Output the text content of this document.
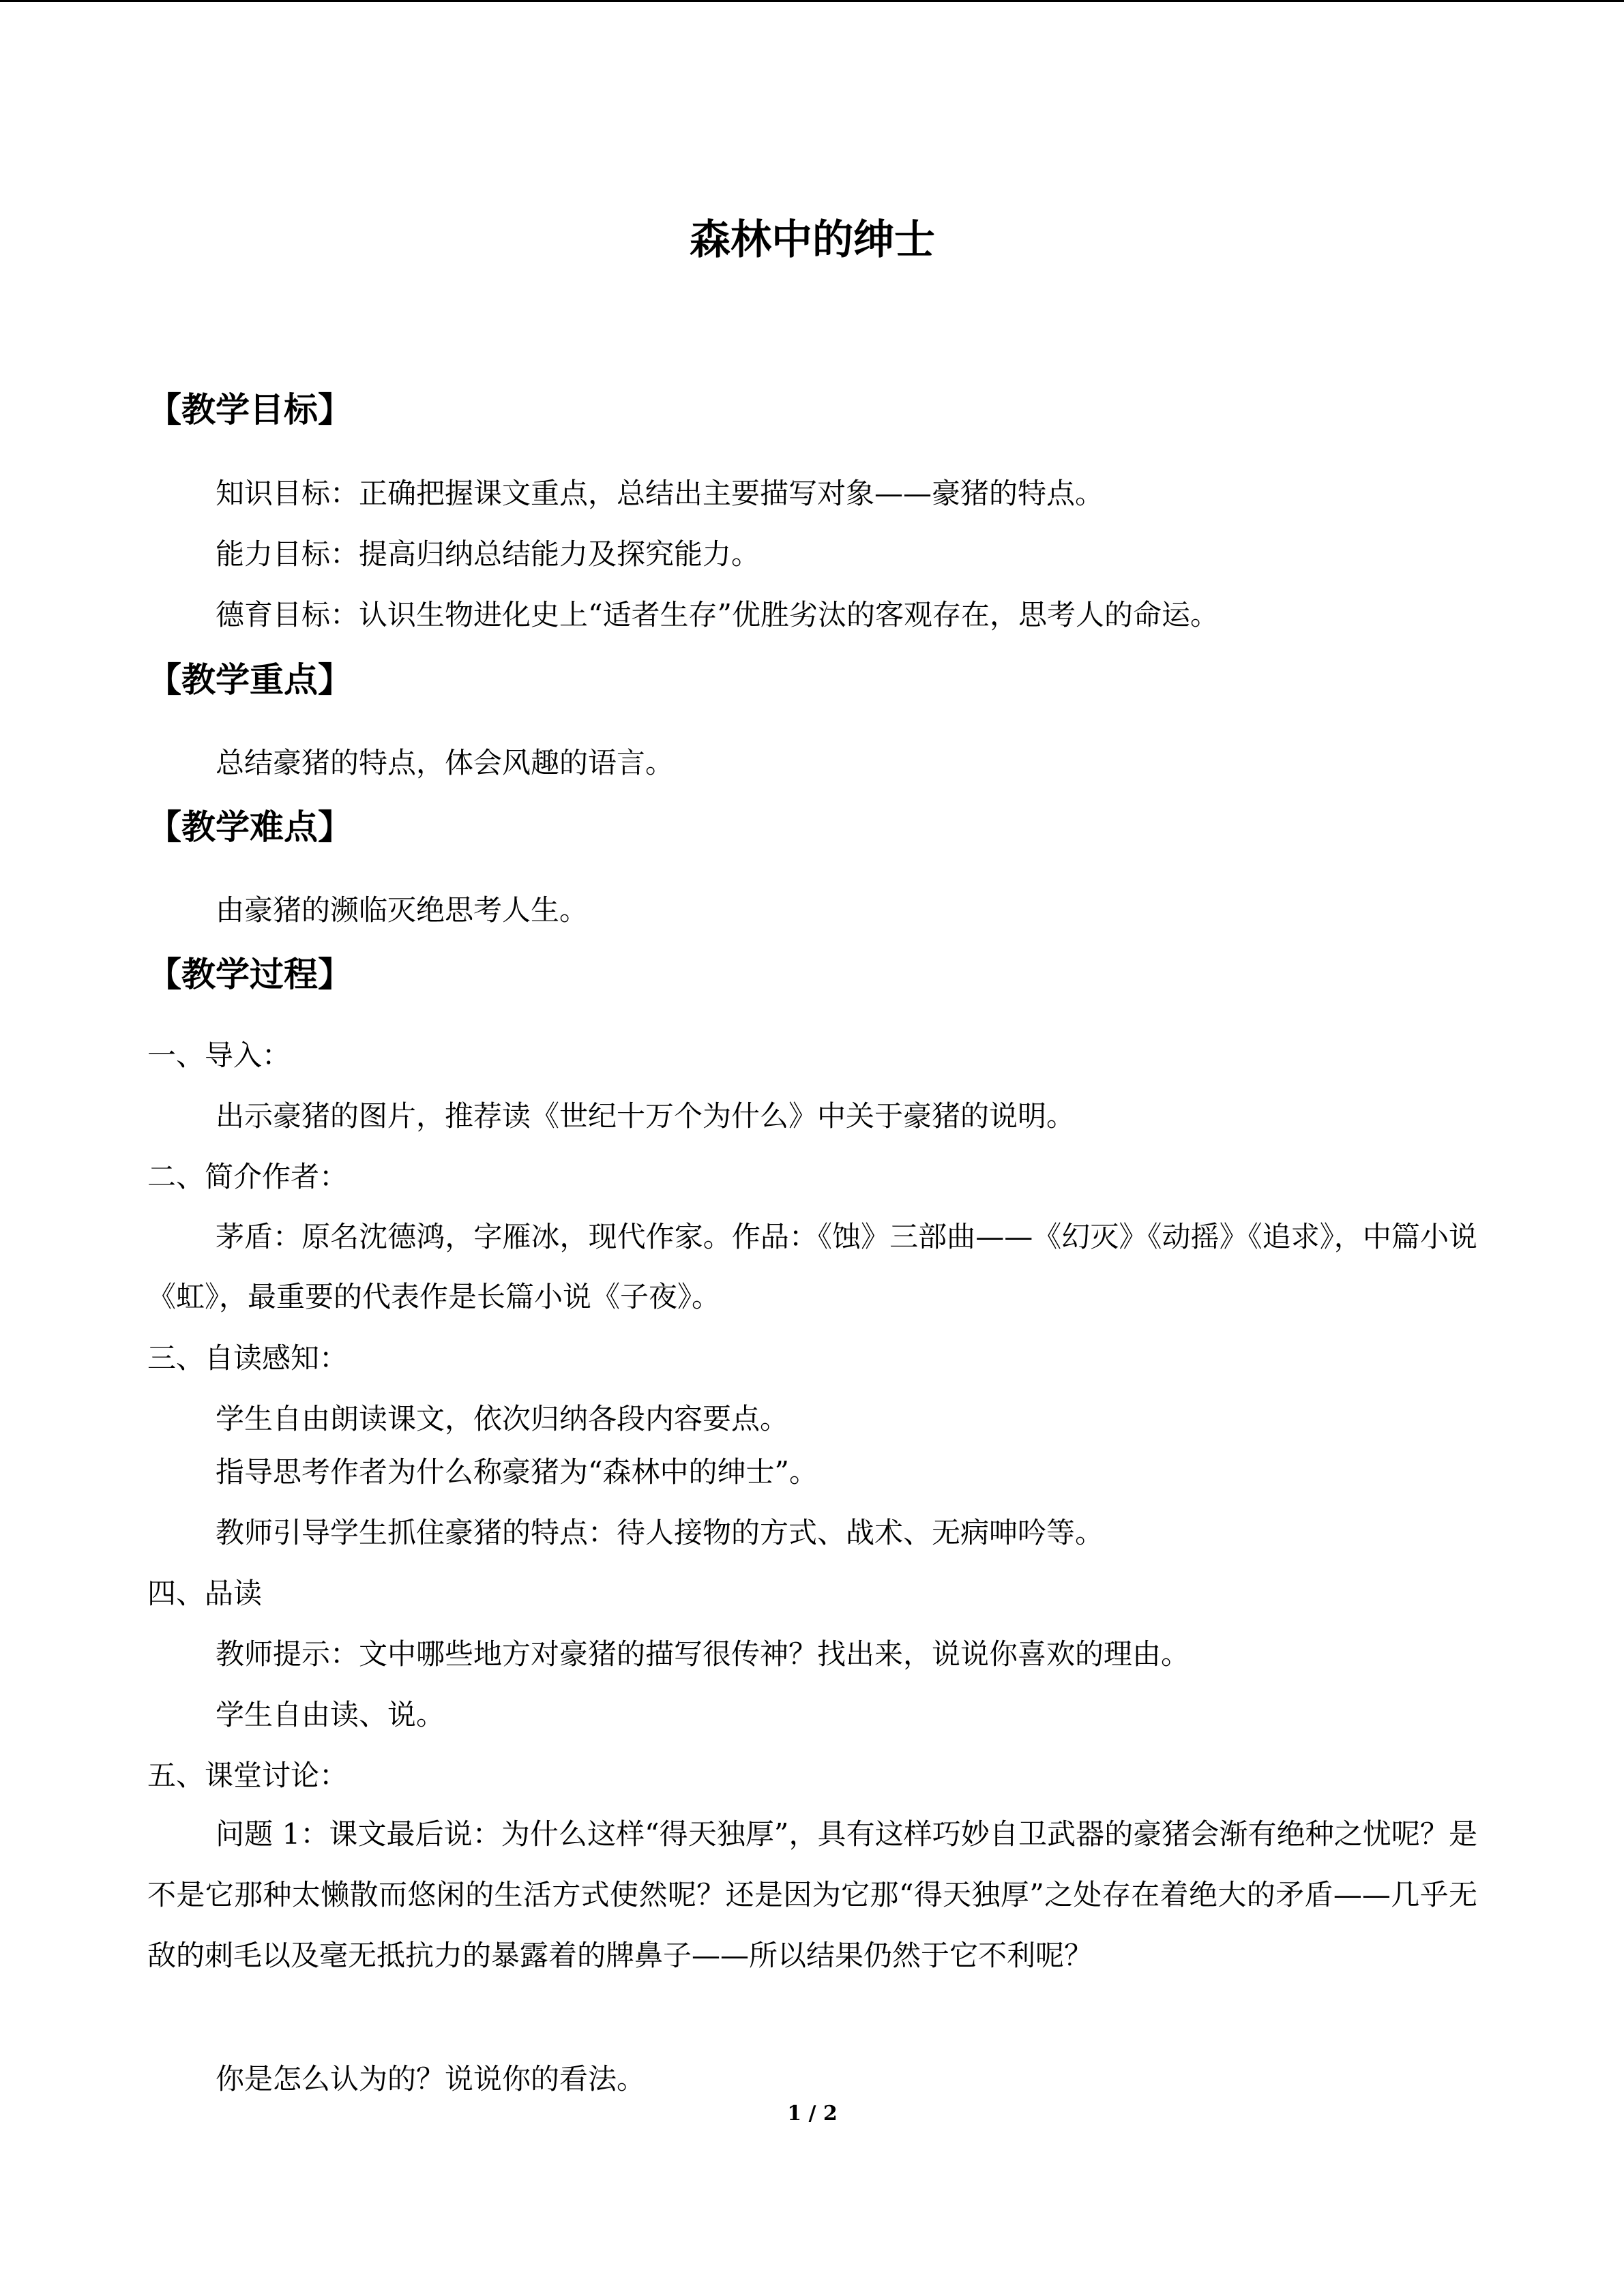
森林中的绅士
【教学目标】

知识目标：正确把握课文重点，总结出主要描写对象——豪猪的特点。

能力目标：提高归纳总结能力及探究能力。

德育目标：认识生物进化史上“适者生存”优胜劣汰的客观存在，思考人的命运。

【教学重点】

总结豪猪的特点，体会风趣的语言。

【教学难点】

由豪猪的濒临灭绝思考人生。

【教学过程】

一、导入：

出示豪猪的图片，推荐读《世纪十万个为什么》中关于豪猪的说明。

二、简介作者：

茅盾：原名沈德鸿，字雁冰，现代作家。作品：《蚀》三部曲——《幻灭》《动摇》《追求》，中篇小说《虹》，最重要的代表作是长篇小说《子夜》。

三、自读感知：

学生自由朗读课文，依次归纳各段内容要点。

指导思考作者为什么称豪猪为“森林中的绅士”。

教师引导学生抓住豪猪的特点：待人接物的方式、战术、无病呻吟等。

四、品读

教师提示：文中哪些地方对豪猪的描写很传神？找出来，说说你喜欢的理由。

学生自由读、说。

五、课堂讨论：

问题 1：课文最后说：为什么这样“得天独厚”，具有这样巧妙自卫武器的豪猪会渐有绝种之忧呢？是不是它那种太懒散而悠闲的生活方式使然呢？还是因为它那“得天独厚”之处存在着绝大的矛盾——几乎无敌的刺毛以及毫无抵抗力的暴露着的牌鼻子——所以结果仍然于它不利呢？

你是怎么认为的？说说你的看法。

1 / 2
